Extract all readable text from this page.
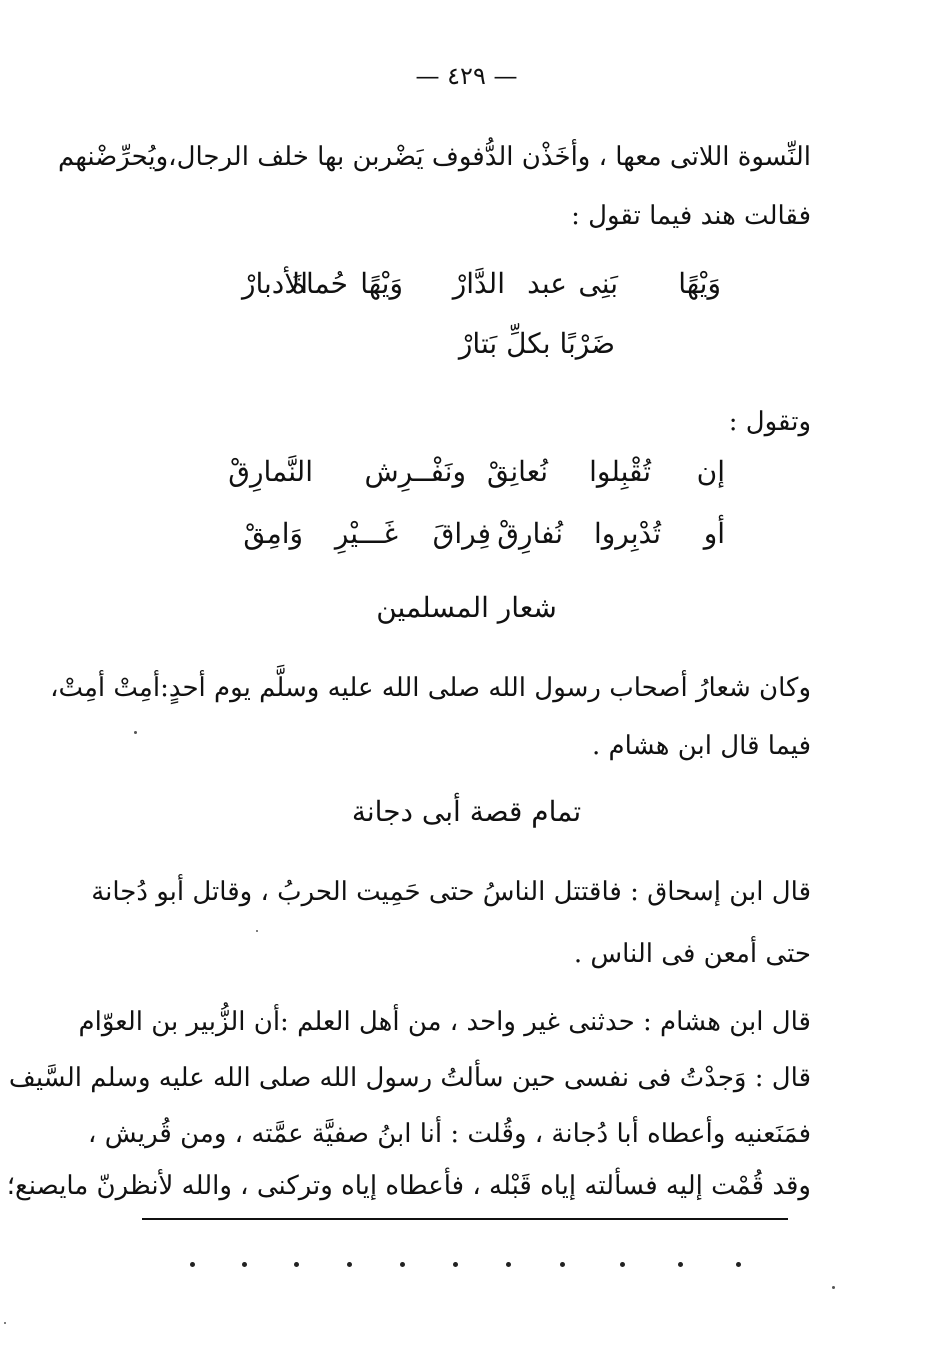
— ٤٢٩ —
النِّسوة اللاتى معها ، وأخَذْن الدُّفوف يَضْربن بها خلف الرجال،ويُحرِّضْنهم
فقالت هند فيما تقول :
وَيْهًا
بَنِى
عبد
الدَّارْ
وَيْهًا
حُماةَ
الأدبارْ
ضَرْبًا بكلِّ بَتارْ
وتقول :
إن
تُقْبِلوا
نُعانِقْ
ونَفْــرِش
النَّمارِقْ
أو
تُدْبِروا
نُفارِقْ
فِراقَ
غَـــيْرِ
وَامِقْ
شعار المسلمين
وكان شعارُ أصحاب رسول الله صلى الله عليه وسلَّم يوم أحدٍ:أمِتْ أمِتْ،
فيما قال ابن هشام .
تمام قصة أبى دجانة
قال ابن إسحاق : فاقتتل الناسُ حتى حَمِيت الحربُ ، وقاتل أبو دُجانة
حتى أمعن فى الناس .
قال ابن هشام : حدثنى غير واحد ، من أهل العلم :أن الزُّبير بن العوّام
قال : وَجدْتُ فى نفسى حين سألتُ رسول الله صلى الله عليه وسلم السَّيف
فمَنَعنيه وأعطاه أبا دُجانة ، وقُلت : أنا ابنُ صفيَّة عمَّته ، ومن قُريش ،
وقد قُمْت إليه فسألته إياه قَبْله ، فأعطاه إياه وتركنى ، والله لأنظرنّ مايصنع؛
